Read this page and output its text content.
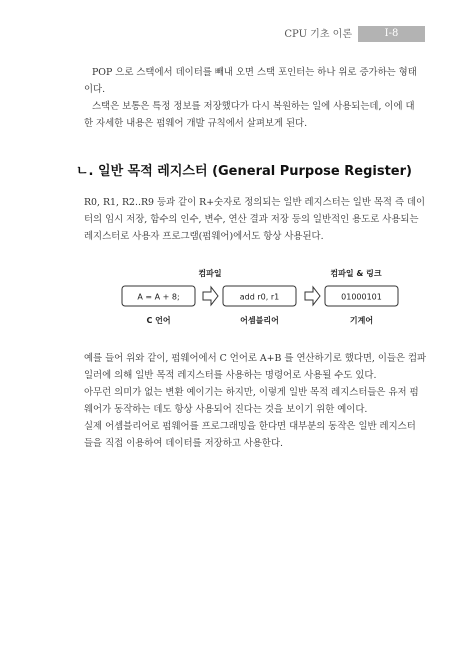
CPU 기초 이론	Ⅰ-8
POP 으로 스택에서 데이터를 빼내 오면 스택 포인터는 하나 위로 증가하는 형태
이다.
스택은 보통은 특정 정보를 저장했다가 다시 복원하는 일에 사용되는데, 이에 대
한 자세한 내용은 펌웨어 개발 규칙에서 살펴보게 된다.
ㄴ. 일반 목적 레지스터 (General Purpose Register)
R0, R1, R2..R9 등과 같이 R+숫자로 정의되는 일반 레지스터는 일반 목적 즉 데이
터의 임시 저장, 함수의 인수, 변수, 연산 결과 저장 등의 일반적인 용도로 사용되는
레지스터로 사용자 프로그램(펌웨어)에서도 항상 사용된다.
컴파일	컴파일 & 링크
A = A + 8;	add r0, r1	01000101
C 언어	어셈블리어	기계어
예를 들어 위와 같이, 펌웨어에서 C 언어로 A+B 를 연산하기로 했다면, 이들은 컴파
일러에 의해 일반 목적 레지스터를 사용하는 명령어로 사용될 수도 있다.
아무런 의미가 없는 변환 예이기는 하지만, 이렇게 일반 목적 레지스터들은 유저 펌
웨어가 동작하는 데도 항상 사용되어 진다는 것을 보이기 위한 예이다.
실제 어셈블리어로 펌웨어를 프로그래밍을 한다면 대부분의 동작은 일반 레지스터
들을 직접 이용하여 데이터를 저장하고 사용한다.
